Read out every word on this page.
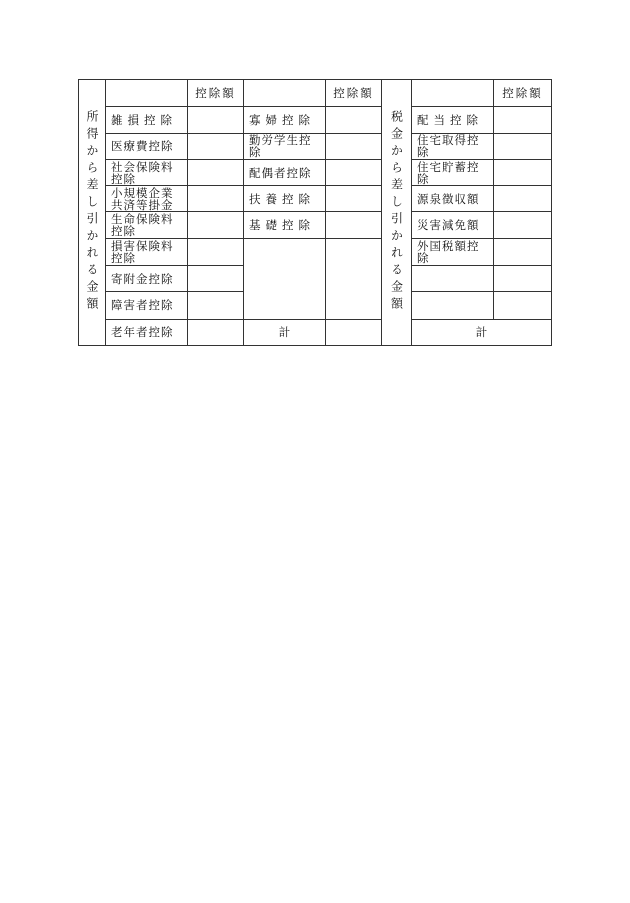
所得から差し引かれる金額		控除額		控除額	税金から差し引かれる金額		控除額
	雑損控除		寡婦控除			配当控除	
	医療費控除		勤労学生控除			住宅取得控除	
	社会保険料控除		配偶者控除			住宅貯蓄控除	
	小規模企業共済等掛金		扶養控除			源泉徴収額	
	生命保険料控除		基礎控除			災害減免額	
	損害保険料控除					外国税額控除	
	寄附金控除						
	障害者控除						
	老年者控除		計			計	
